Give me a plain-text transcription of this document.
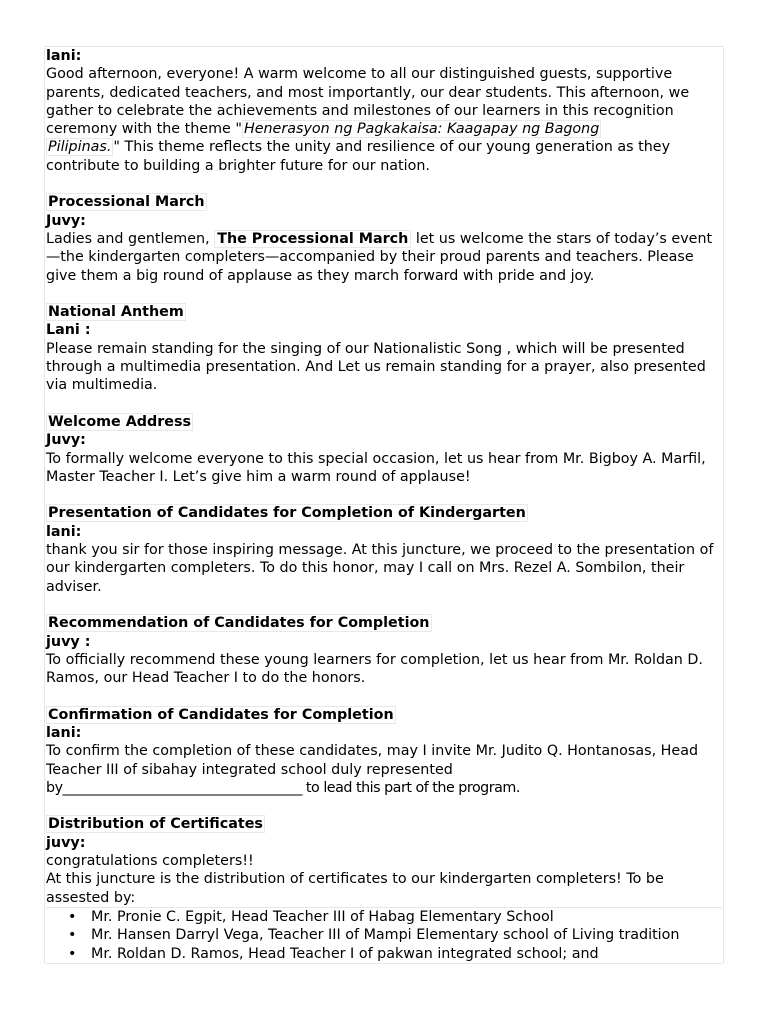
lani:
Good afternoon, everyone! A warm welcome to all our distinguished guests, supportive parents, dedicated teachers, and most importantly, our dear students. This afternoon, we gather to celebrate the achievements and milestones of our learners in this recognition ceremony with the theme " Henerasyon ng Pagkakaisa: Kaagapay ng Bagong
Pilipinas. " This theme reflects the unity and resilience of our young generation as they contribute to building a brighter future for our nation.
Processional March
Juvy:
Ladies and gentlemen, The Processional March let us welcome the stars of today’s event—the kindergarten completers—accompanied by their proud parents and teachers. Please give them a big round of applause as they march forward with pride and joy.
National Anthem
Lani :
Please remain standing for the singing of our Nationalistic Song , which will be presented through a multimedia presentation. And Let us remain standing for a prayer, also presented via multimedia.
Welcome Address
Juvy:
To formally welcome everyone to this special occasion, let us hear from Mr. Bigboy A. Marfil, Master Teacher I. Let’s give him a warm round of applause!
Presentation of Candidates for Completion of Kindergarten
lani:
thank you sir for those inspiring message. At this juncture, we proceed to the presentation of our kindergarten completers. To do this honor, may I call on Mrs. Rezel A. Sombilon, their adviser.
Recommendation of Candidates for Completion
juvy :
To officially recommend these young learners for completion, let us hear from Mr. Roldan D. Ramos, our Head Teacher I to do the honors.
Confirmation of Candidates for Completion
lani:
To confirm the completion of these candidates, may I invite Mr. Judito Q. Hontanosas, Head Teacher III of sibahay integrated school duly represented
by____________________________________ to lead this part of the program.
Distribution of Certificates
juvy:
congratulations completers!!
At this juncture is the distribution of certificates to our kindergarten completers! To be assested by:
• Mr. Pronie C. Egpit, Head Teacher III of Habag Elementary School
• Mr. Hansen Darryl Vega, Teacher III of Mampi Elementary school of Living tradition
• Mr. Roldan D. Ramos, Head Teacher I of pakwan integrated school; and
